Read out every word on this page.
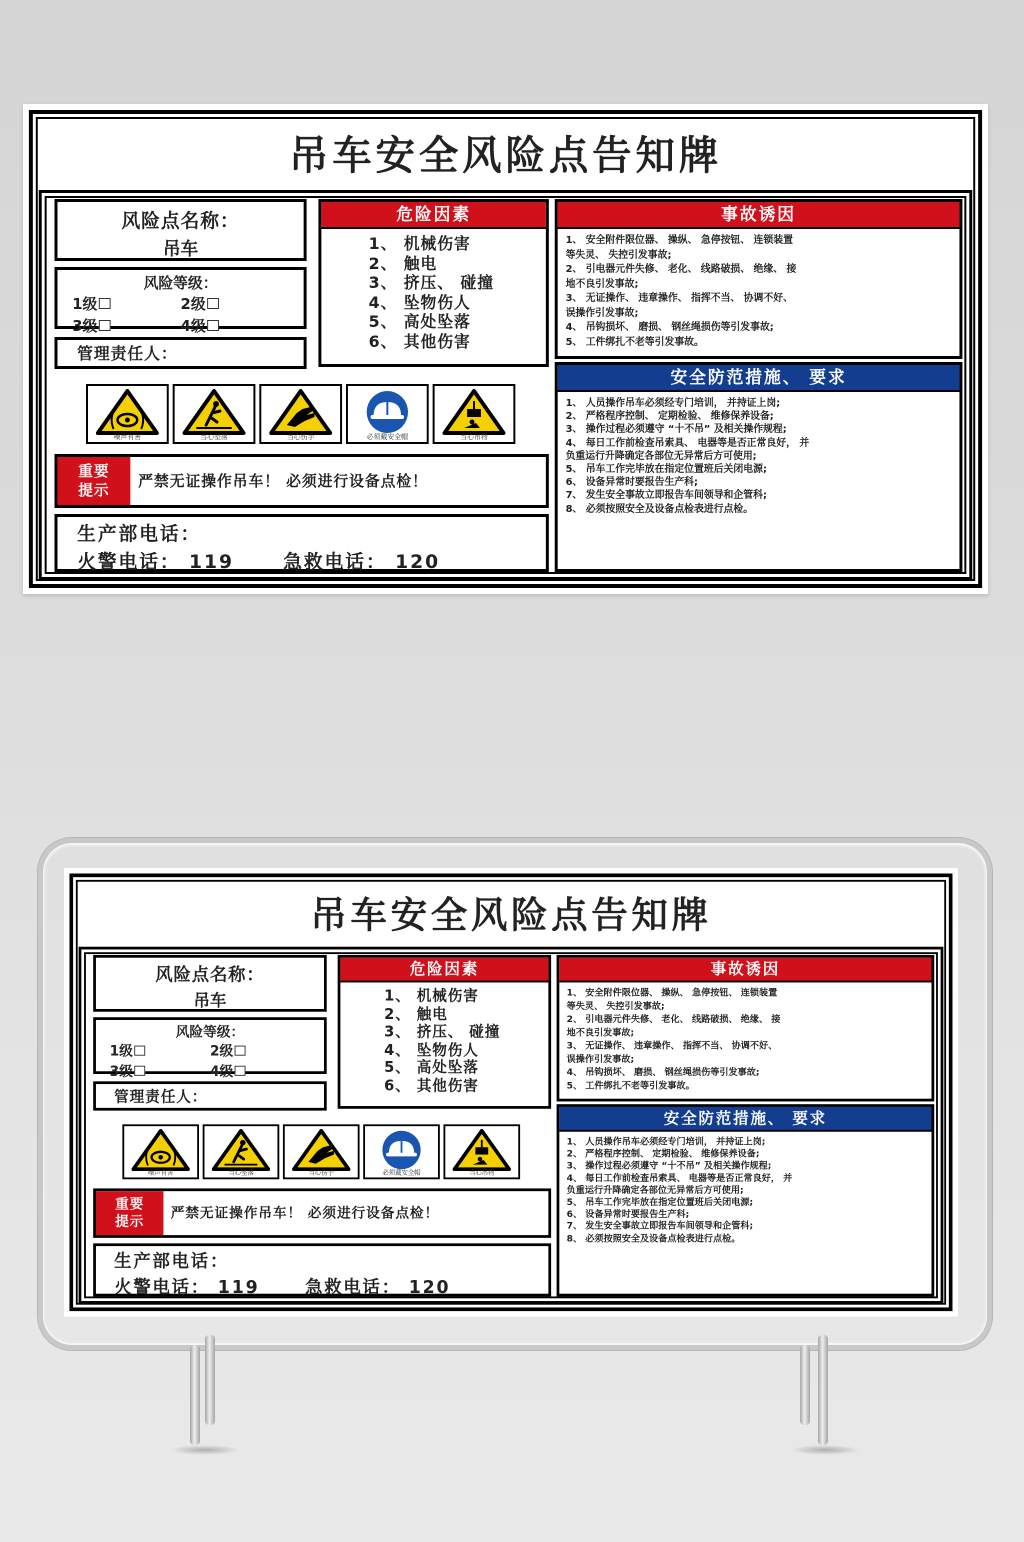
吊车安全风险点告知牌
风险点名称：
吊车
风险等级：
1级	2级
3级	4级
管理责任人：
危险因素
1、 机械伤害
2、 触电
3、 挤压、 碰撞
4、 坠物伤人
5、 高处坠落
6、 其他伤害
事故诱因
1、 安全附件限位器、 操纵、 急停按钮、 连锁装置
等失灵、 失控引发事故;
2、 引电器元件失修、 老化、 线路破损、 绝缘、 接
地不良引发事故;
3、 无证操作、 违章操作、 指挥不当、 协调不好、
误操作引发事故;
4、 吊钩损坏、 磨损、 钢丝绳损伤等引发事故;
5、 工件绑扎不老等引发事故。
安全防范措施、 要求
1、 人员操作吊车必须经专门培训， 并持证上岗;
2、 严格程序控制、 定期检验、 维修保养设备;
3、 操作过程必须遵守 “十不吊” 及相关操作规程;
4、 每日工作前检查吊索具、 电器等是否正常良好， 并
负重运行升降确定各部位无异常后方可使用;
5、 吊车工作完毕放在指定位置班后关闭电源;
6、 设备异常时要报告生产科;
7、 发生安全事故立即报告车间领导和企管科;
8、 必须按照安全及设备点检表进行点检。
噪声有害	当心坠落	当心伤手	必须戴安全帽	当心吊物
重要
提示	严禁无证操作吊车！ 必须进行设备点检！
生产部电话：
火警电话： 119	急救电话： 120
吊车安全风险点告知牌
风险点名称：
吊车
风险等级：
1级	2级
3级	4级
管理责任人：
危险因素
1、 机械伤害
2、 触电
3、 挤压、 碰撞
4、 坠物伤人
5、 高处坠落
6、 其他伤害
事故诱因
1、 安全附件限位器、 操纵、 急停按钮、 连锁装置
等失灵、 失控引发事故;
2、 引电器元件失修、 老化、 线路破损、 绝缘、 接
地不良引发事故;
3、 无证操作、 违章操作、 指挥不当、 协调不好、
误操作引发事故;
4、 吊钩损坏、 磨损、 钢丝绳损伤等引发事故;
5、 工件绑扎不老等引发事故。
安全防范措施、 要求
1、 人员操作吊车必须经专门培训， 并持证上岗;
2、 严格程序控制、 定期检验、 维修保养设备;
3、 操作过程必须遵守 “十不吊” 及相关操作规程;
4、 每日工作前检查吊索具、 电器等是否正常良好， 并
负重运行升降确定各部位无异常后方可使用;
5、 吊车工作完毕放在指定位置班后关闭电源;
6、 设备异常时要报告生产科;
7、 发生安全事故立即报告车间领导和企管科;
8、 必须按照安全及设备点检表进行点检。
噪声有害	当心坠落	当心伤手	必须戴安全帽	当心吊物
重要
提示	严禁无证操作吊车！ 必须进行设备点检！
生产部电话：
火警电话： 119 急救电话： 120
